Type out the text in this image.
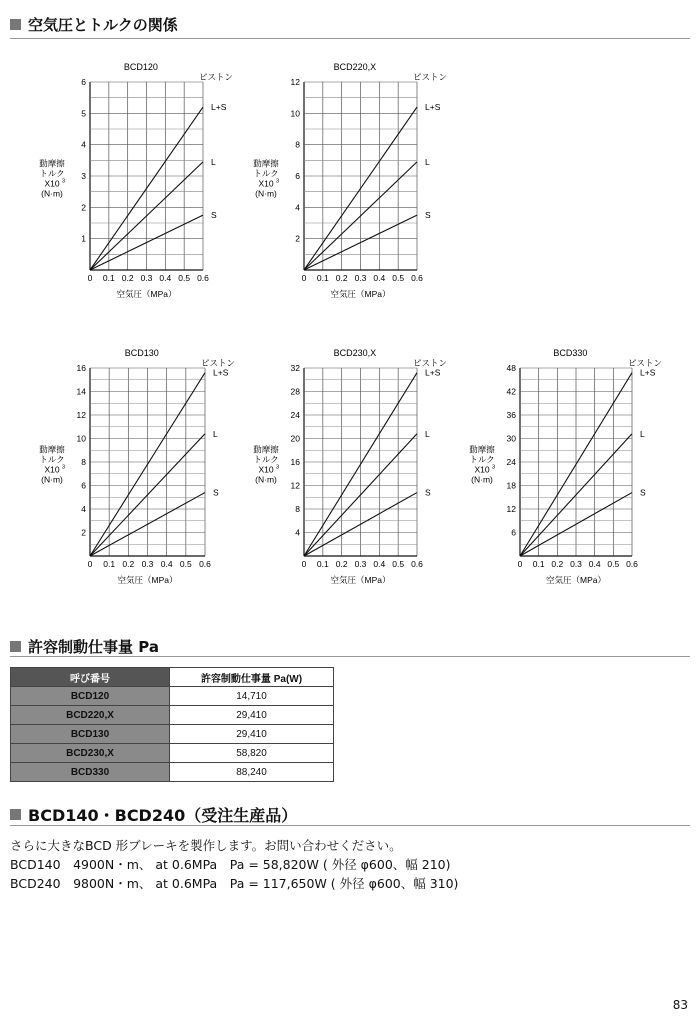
空気圧とトルクの関係
BCD120
0 0.1 0.2 0.3 0.4 0.5 0.6
1
2
3
4
5
6
L+S
L
S
ピストン
空気圧（MPa）
動摩擦
トルク
X10 3
(N·m)
BCD220,X
0 0.1 0.2 0.3 0.4 0.5 0.6
2
4
6
8
10
12
L+S
L
S
ピストン
空気圧（MPa）
動摩擦
トルク
X10 3
(N·m)
BCD130
0 0.1 0.2 0.3 0.4 0.5 0.6
2
4
6
8
10
12
14
16	L+S
L
S
ピストン
空気圧（MPa）
動摩擦
トルク
X10 3
(N·m)
BCD230,X
0 0.1 0.2 0.3 0.4 0.5 0.6
4
8
12
16
20
24
28
32	L+S
L
S
ピストン
空気圧（MPa）
動摩擦
トルク
X10 3
(N·m)
BCD330
0 0.1 0.2 0.3 0.4 0.5 0.6
6
12
18
24
30
36
42
48	L+S
L
S
ピストン
空気圧（MPa）
動摩擦
トルク
X10 3
(N·m)
許容制動仕事量 Pa
呼び番号	許容制動仕事量 Pa(W)
BCD120	14,710
BCD220,X	29,410
BCD130	29,410
BCD230,X	58,820
BCD330	88,240
BCD140・BCD240（受注生産品）
さらに大きなBCD 形ブレーキを製作します。お問い合わせください。
BCD140　4900N・m、 at 0.6MPa　Pa = 58,820W ( 外径 φ600、幅 210)
BCD240　9800N・m、 at 0.6MPa　Pa = 117,650W ( 外径 φ600、幅 310)
83
